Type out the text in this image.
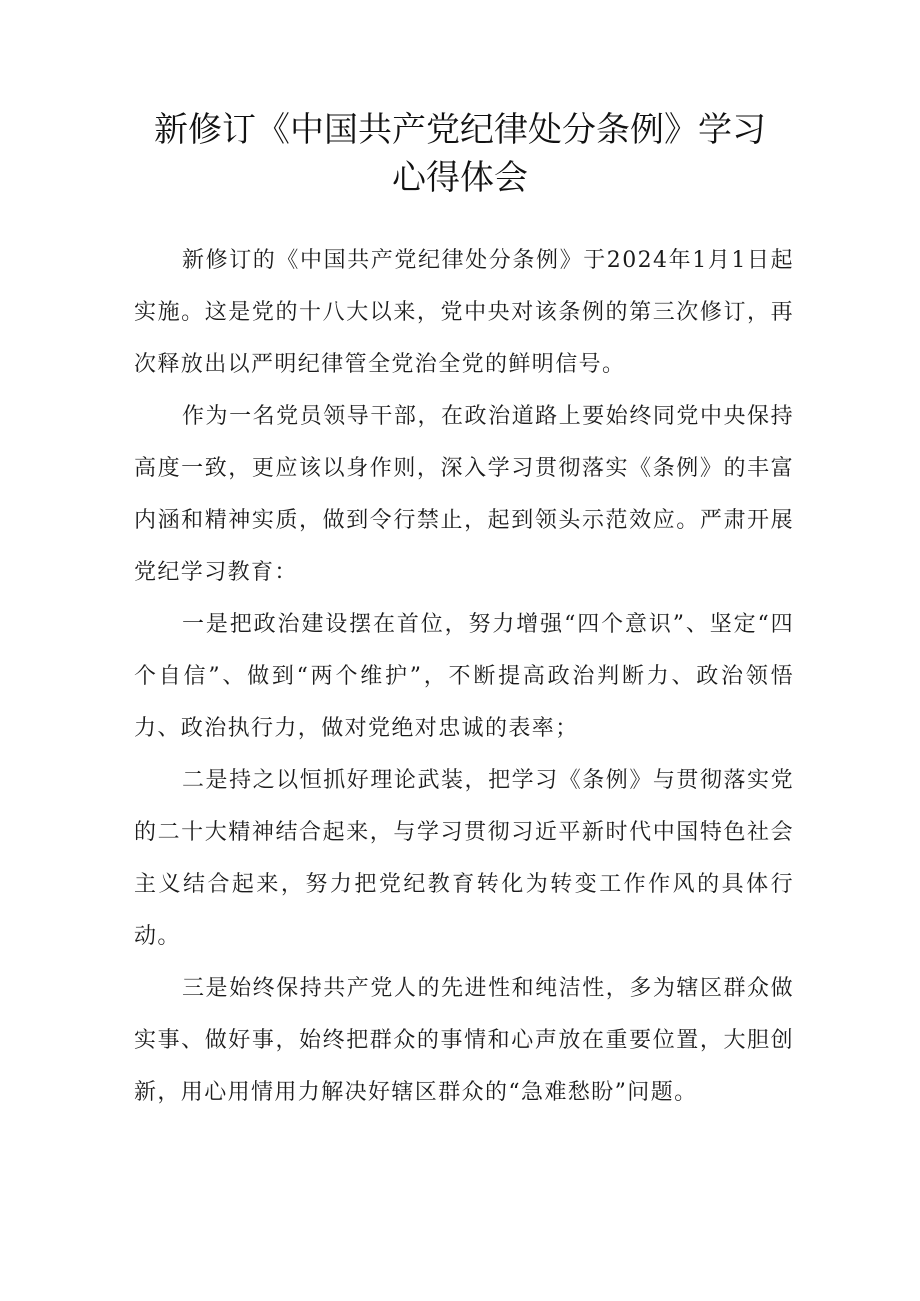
新修订《中国共产党纪律处分条例》学习
心得体会

新修订的《中国共产党纪律处分条例》于2024年1月1日起实施。这是党的十八大以来，党中央对该条例的第三次修订，再次释放出以严明纪律管全党治全党的鲜明信号。

作为一名党员领导干部，在政治道路上要始终同党中央保持高度一致，更应该以身作则，深入学习贯彻落实《条例》的丰富内涵和精神实质，做到令行禁止，起到领头示范效应。严肃开展党纪学习教育：

一是把政治建设摆在首位，努力增强“四个意识”、坚定“四个自信”、做到“两个维护”，不断提高政治判断力、政治领悟力、政治执行力，做对党绝对忠诚的表率；

二是持之以恒抓好理论武装，把学习《条例》与贯彻落实党的二十大精神结合起来，与学习贯彻习近平新时代中国特色社会主义结合起来，努力把党纪教育转化为转变工作作风的具体行动。

三是始终保持共产党人的先进性和纯洁性，多为辖区群众做实事、做好事，始终把群众的事情和心声放在重要位置，大胆创新，用心用情用力解决好辖区群众的“急难愁盼”问题。
